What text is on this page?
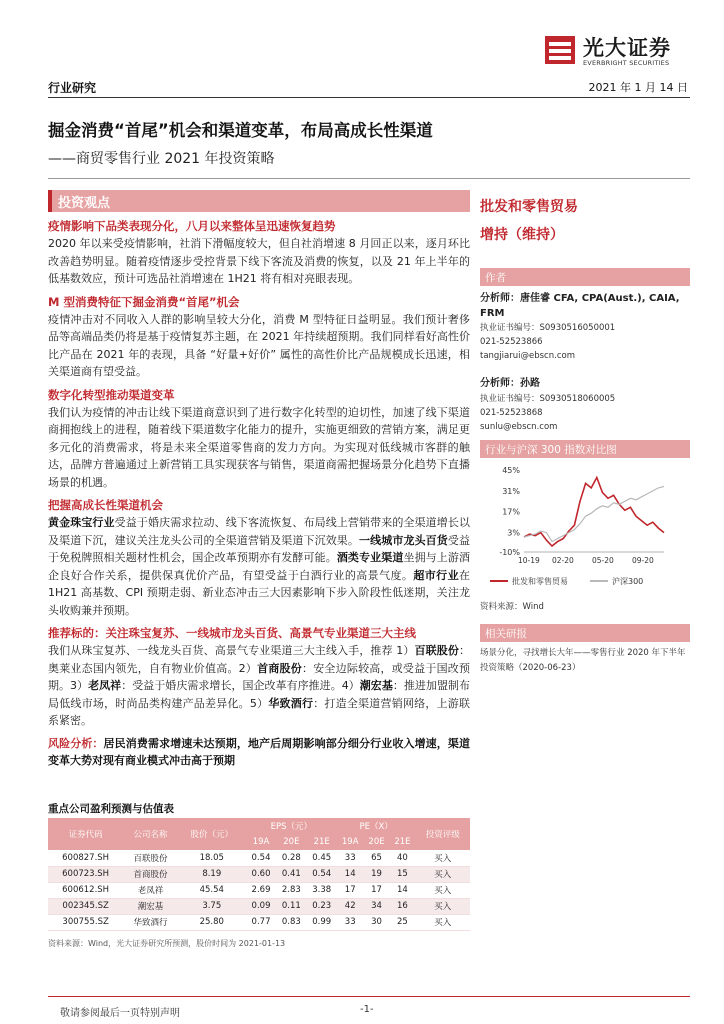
光大证券
EVERBRIGHT SECURITIES
行业研究	2021 年 1 月 14 日
掘金消费“首尾”机会和渠道变革，布局高成长性渠道
——商贸零售行业 2021 年投资策略
投资观点
疫情影响下品类表现分化，八月以来整体呈迅速恢复趋势
2020 年以来受疫情影响，社消下滑幅度较大，但自社消增速 8 月回正以来，逐月环比改善趋势明显。随着疫情逐步受控背景下线下客流及消费的恢复，以及 21 年上半年的低基数效应，预计可选品社消增速在 1H21 将有相对亮眼表现。
M 型消费特征下掘金消费“首尾”机会
疫情冲击对不同收入人群的影响呈较大分化，消费 M 型特征日益明显。我们预计奢侈品等高端品类仍将是基于疫情复苏主题，在 2021 年持续超预期。我们同样看好高性价比产品在 2021 年的表现，具备 “好量+好价” 属性的高性价比产品规模成长迅速，相关渠道商有望受益。
数字化转型推动渠道变革
我们认为疫情的冲击让线下渠道商意识到了进行数字化转型的迫切性，加速了线下渠道商拥抱线上的进程，随着线下渠道数字化能力的提升，实施更细致的营销方案，满足更多元化的消费需求，将是未来全渠道零售商的发力方向。为实现对低线城市客群的触达，品牌方普遍通过上新营销工具实现获客与销售，渠道商需把握场景分化趋势下直播场景的机遇。
把握高成长性渠道机会
黄金珠宝行业受益于婚庆需求拉动、线下客流恢复、布局线上营销带来的全渠道增长以及渠道下沉，建议关注龙头公司的全渠道营销及渠道下沉效果。一线城市龙头百货受益于免税牌照相关题材性机会，国企改革预期亦有发酵可能。酒类专业渠道坐拥与上游酒企良好合作关系，提供保真优价产品，有望受益于白酒行业的高景气度。超市行业在 1H21 高基数、CPI 预期走弱、新业态冲击三大因素影响下步入阶段性低迷期，关注龙头收购兼并预期。
推荐标的：关注珠宝复苏、一线城市龙头百货、高景气专业渠道三大主线
我们从珠宝复苏、一线龙头百货、高景气专业渠道三大主线入手，推荐 1）百联股份：奥莱业态国内领先，自有物业价值高。2）首商股份：安全边际较高，或受益于国改预期。3）老凤祥：受益于婚庆需求增长，国企改革有序推进。4）潮宏基：推进加盟制布局低线市场，时尚品类构建产品差异化。5）华致酒行：打造全渠道营销网络，上游联系紧密。
风险分析：居民消费需求增速未达预期，地产后周期影响部分细分行业收入增速，渠道变革大势对现有商业模式冲击高于预期
批发和零售贸易
增持（维持）
作者
分析师：唐佳睿 CFA, CPA(Aust.), CAIA, FRM
执业证书编号：S0930516050001
021-52523866
tangjiarui@ebscn.com
分析师：孙路
执业证书编号：S0930518060005
021-52523868
sunlu@ebscn.com
行业与沪深 300 指数对比图
45%
31%
17%
3%
-10%
10-19 02-20 05-20 09-20
批发和零售贸易	沪深300
资料来源：Wind
相关研报
场景分化，寻找增长大年——零售行业 2020 年下半年投资策略（2020-06-23）
重点公司盈利预测与估值表
证券代码	公司名称	股价（元）	EPS（元）			PE（X）			投资评级
			19A	20E	21E	19A	20E	21E	
600827.SH	百联股份	18.05	0.54	0.28	0.45	33	65	40	买入
600723.SH	首商股份	8.19	0.60	0.41	0.54	14	19	15	买入
600612.SH	老凤祥	45.54	2.69	2.83	3.38	17	17	14	买入
002345.SZ	潮宏基	3.75	0.09	0.11	0.23	42	34	16	买入
300755.SZ	华致酒行	25.80	0.77	0.83	0.99	33	30	25	买入
资料来源：Wind，光大证券研究所预测，股价时间为 2021-01-13
敬请参阅最后一页特别声明	-1-
